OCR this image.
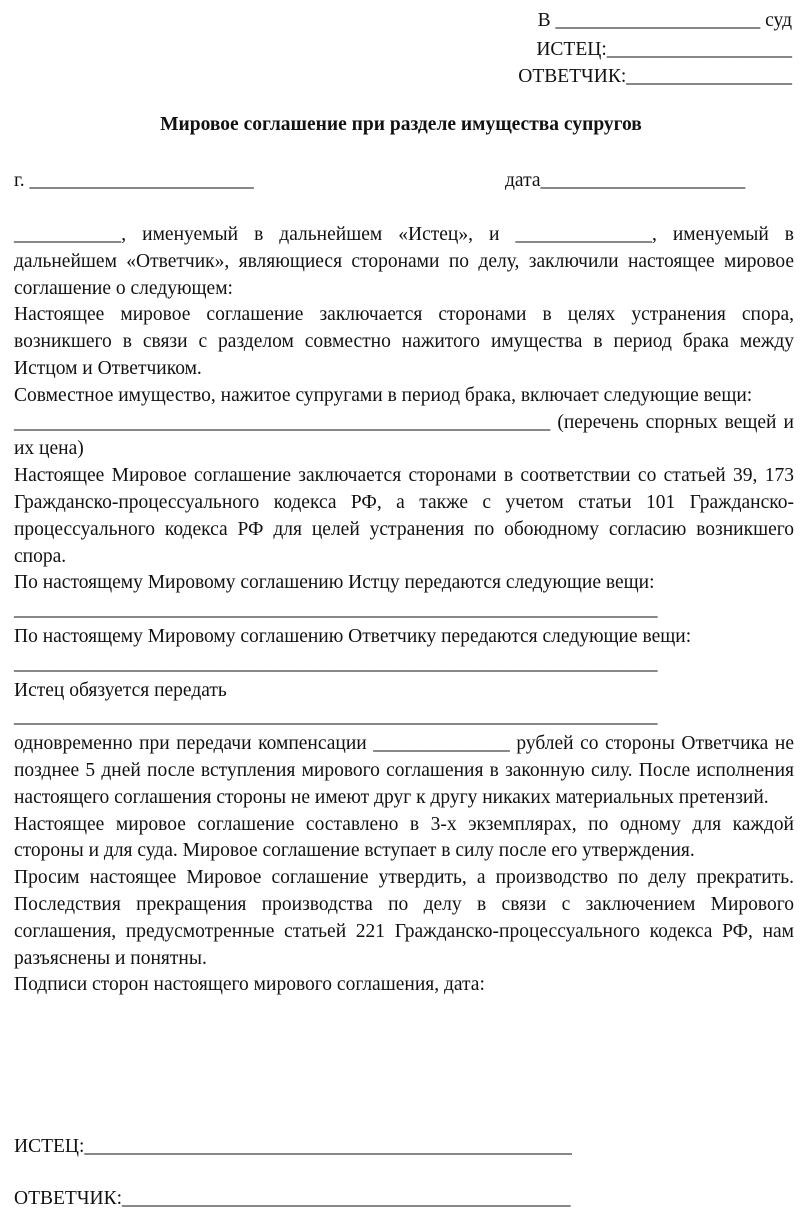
В _____________________ суд
ИСТЕЦ:___________________
ОТВЕТЧИК:_________________
Мировое соглашение при разделе имущества супругов
г. _______________________	дата_____________________

___________, именуемый в дальнейшем «Истец», и ______________, именуемый в дальнейшем «Ответчик», являющиеся сторонами по делу, заключили настоящее мировое соглашение о следующем:

Настоящее мировое соглашение заключается сторонами в целях устранения спора, возникшего в связи с разделом совместно нажитого имущества в период брака между Истцом и Ответчиком.

Совместное имущество, нажитое супругами в период брака, включает следующие вещи:

_______________________________________________________ (перечень спорных вещей и их цена)

Настоящее Мировое соглашение заключается сторонами в соответствии со статьей 39, 173 Гражданско-процессуального кодекса РФ, а также с учетом статьи 101 Гражданско-процессуального кодекса РФ для целей устранения по обоюдному согласию возникшего спора.

По настоящему Мировому соглашению Истцу передаются следующие вещи:

__________________________________________________________________

По настоящему Мировому соглашению Ответчику передаются следующие вещи:

__________________________________________________________________

Истец обязуется передать

__________________________________________________________________

одновременно при передачи компенсации ______________ рублей со стороны Ответчика не позднее 5 дней после вступления мирового соглашения в законную силу. После исполнения настоящего соглашения стороны не имеют друг к другу никаких материальных претензий.

Настоящее мировое соглашение составлено в 3-х экземплярах, по одному для каждой стороны и для суда. Мировое соглашение вступает в силу после его утверждения.

Просим настоящее Мировое соглашение утвердить, а производство по делу прекратить. Последствия прекращения производства по делу в связи с заключением Мирового соглашения, предусмотренные статьей 221 Гражданско-процессуального кодекса РФ, нам разъяснены и понятны.

Подписи сторон настоящего мирового соглашения, дата:

ИСТЕЦ:__________________________________________________
ОТВЕТЧИК:______________________________________________
